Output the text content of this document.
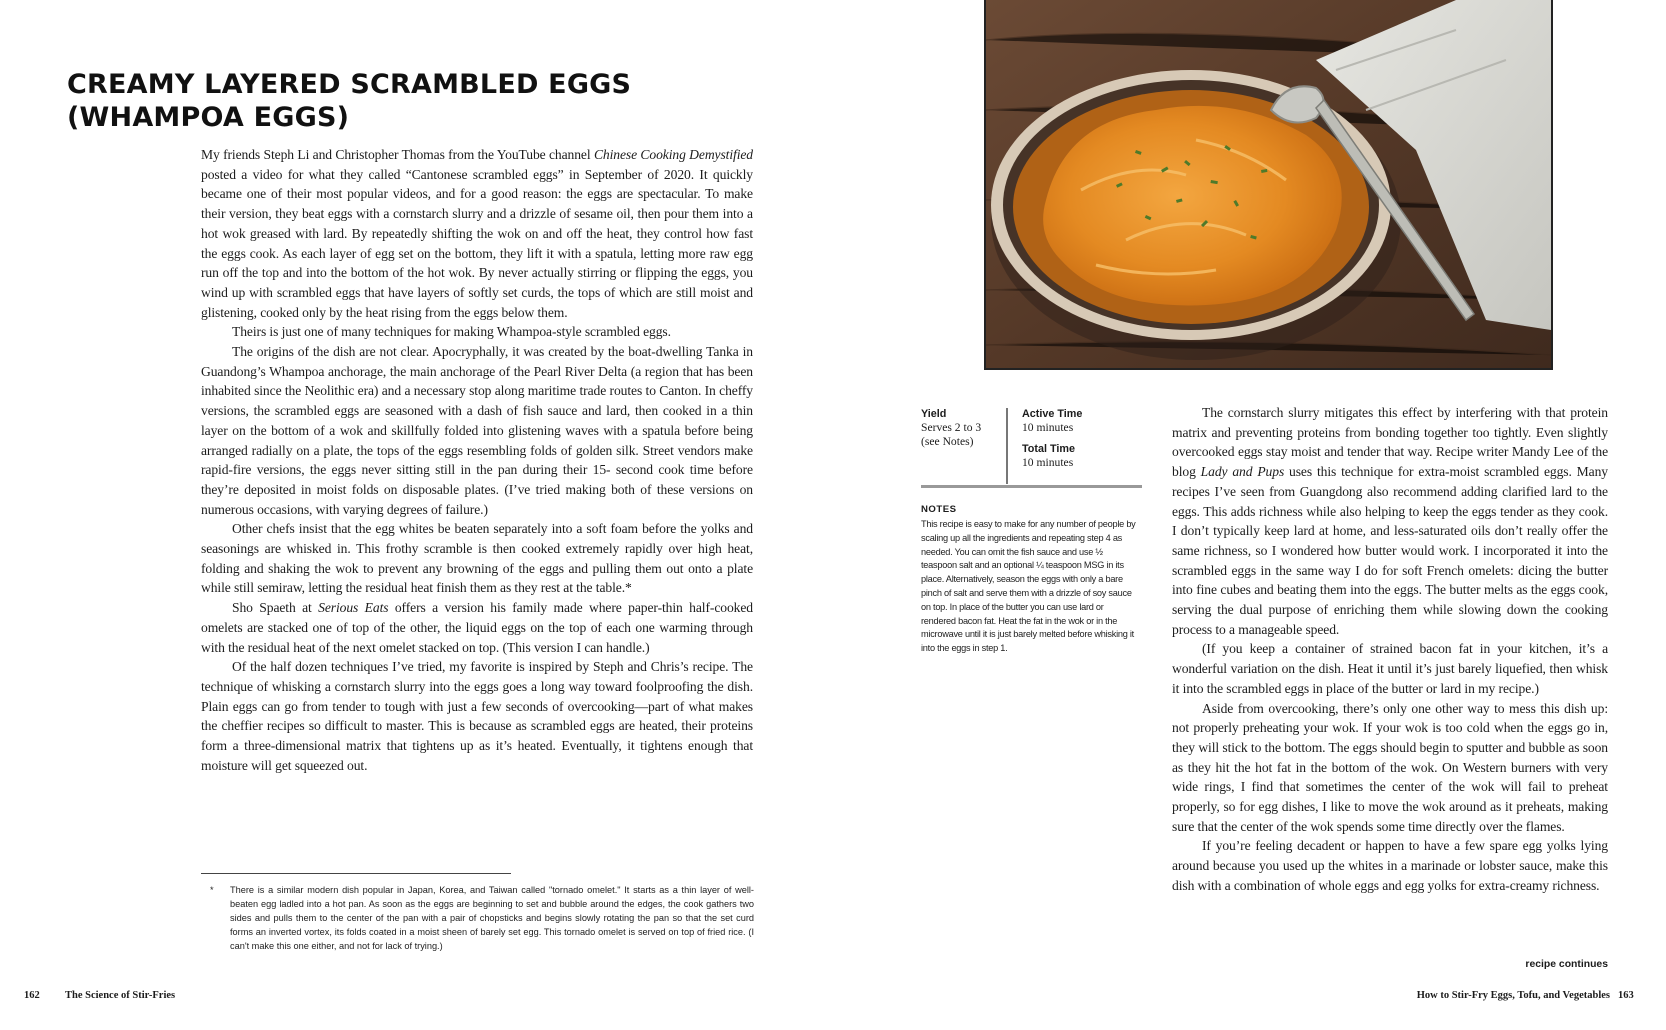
CREAMY LAYERED SCRAMBLED EGGS
(WHAMPOA EGGS)

My friends Steph Li and Christopher Thomas from the YouTube channel Chinese Cooking Demystified posted a video for what they called “Cantonese scrambled eggs” in September of 2020. It quickly became one of their most popular videos, and for a good reason: the eggs are spectacular. To make their version, they beat eggs with a cornstarch slurry and a drizzle of sesame oil, then pour them into a hot wok greased with lard. By repeatedly shifting the wok on and off the heat, they control how fast the eggs cook. As each layer of egg set on the bottom, they lift it with a spatula, letting more raw egg run off the top and into the bottom of the hot wok. By never actually stirring or flipping the eggs, you wind up with scrambled eggs that have layers of softly set curds, the tops of which are still moist and glistening, cooked only by the heat rising from the eggs below them.

Theirs is just one of many techniques for making Whampoa-style scrambled eggs.

The origins of the dish are not clear. Apocryphally, it was created by the boat-dwelling Tanka in Guandong’s Whampoa anchorage, the main anchorage of the Pearl River Delta (a region that has been inhabited since the Neolithic era) and a necessary stop along maritime trade routes to Canton. In cheffy versions, the scrambled eggs are seasoned with a dash of fish sauce and lard, then cooked in a thin layer on the bottom of a wok and skillfully folded into glistening waves with a spatula before being arranged radially on a plate, the tops of the eggs resembling folds of golden silk. Street vendors make rapid-fire versions, the eggs never sitting still in the pan during their 15- second cook time before they’re deposited in moist folds on disposable plates. (I’ve tried making both of these versions on numerous occasions, with varying degrees of failure.)

Other chefs insist that the egg whites be beaten separately into a soft foam before the yolks and seasonings are whisked in. This frothy scramble is then cooked extremely rapidly over high heat, folding and shaking the wok to prevent any browning of the eggs and pulling them out onto a plate while still semiraw, letting the residual heat finish them as they rest at the table.*

Sho Spaeth at Serious Eats offers a version his family made where paper-thin half-cooked omelets are stacked one of top of the other, the liquid eggs on the top of each one warming through with the residual heat of the next omelet stacked on top. (This version I can handle.)

Of the half dozen techniques I’ve tried, my favorite is inspired by Steph and Chris’s recipe. The technique of whisking a cornstarch slurry into the eggs goes a long way toward foolproofing the dish. Plain eggs can go from tender to tough with just a few seconds of overcooking—part of what makes the cheffier recipes so difficult to master. This is because as scrambled eggs are heated, their proteins form a three-dimensional matrix that tightens up as it’s heated. Eventually, it tightens enough that moisture will get squeezed out.

* There is a similar modern dish popular in Japan, Korea, and Taiwan called "tornado omelet." It starts as a thin layer of well-beaten egg ladled into a hot pan. As soon as the eggs are beginning to set and bubble around the edges, the cook gathers two sides and pulls them to the center of the pan with a pair of chopsticks and begins slowly rotating the pan so that the set curd forms an inverted vortex, its folds coated in a moist sheen of barely set egg. This tornado omelet is served on top of fried rice. (I can't make this one either, and not for lack of trying.)

162 The Science of Stir-Fries
Yield
Serves 2 to 3 (see Notes)
Active Time
10 minutes
Total Time
10 minutes
NOTES
This recipe is easy to make for any number of people by scaling up all the ingredients and repeating step 4 as needed. You can omit the fish sauce and use ½ teaspoon salt and an optional ¼ teaspoon MSG in its place. Alternatively, season the eggs with only a bare pinch of salt and serve them with a drizzle of soy sauce on top. In place of the butter you can use lard or rendered bacon fat. Heat the fat in the wok or in the microwave until it is just barely melted before whisking it into the eggs in step 1.

The cornstarch slurry mitigates this effect by interfering with that protein matrix and preventing proteins from bonding together too tightly. Even slightly overcooked eggs stay moist and tender that way. Recipe writer Mandy Lee of the blog Lady and Pups uses this technique for extra-moist scrambled eggs. Many recipes I’ve seen from Guangdong also recommend adding clarified lard to the eggs. This adds richness while also helping to keep the eggs tender as they cook. I don’t typically keep lard at home, and less-saturated oils don’t really offer the same richness, so I wondered how butter would work. I incorporated it into the scrambled eggs in the same way I do for soft French omelets: dicing the butter into fine cubes and beating them into the eggs. The butter melts as the eggs cook, serving the dual purpose of enriching them while slowing down the cooking process to a manageable speed.

(If you keep a container of strained bacon fat in your kitchen, it’s a wonderful variation on the dish. Heat it until it’s just barely liquefied, then whisk it into the scrambled eggs in place of the butter or lard in my recipe.)

Aside from overcooking, there’s only one other way to mess this dish up: not properly preheating your wok. If your wok is too cold when the eggs go in, they will stick to the bottom. The eggs should begin to sputter and bubble as soon as they hit the hot fat in the bottom of the wok. On Western burners with very wide rings, I find that sometimes the center of the wok will fail to preheat properly, so for egg dishes, I like to move the wok around as it preheats, making sure that the center of the wok spends some time directly over the flames.

If you’re feeling decadent or happen to have a few spare egg yolks lying around because you used up the whites in a marinade or lobster sauce, make this dish with a combination of whole eggs and egg yolks for extra-creamy richness.

recipe continues
How to Stir-Fry Eggs, Tofu, and Vegetables 163
